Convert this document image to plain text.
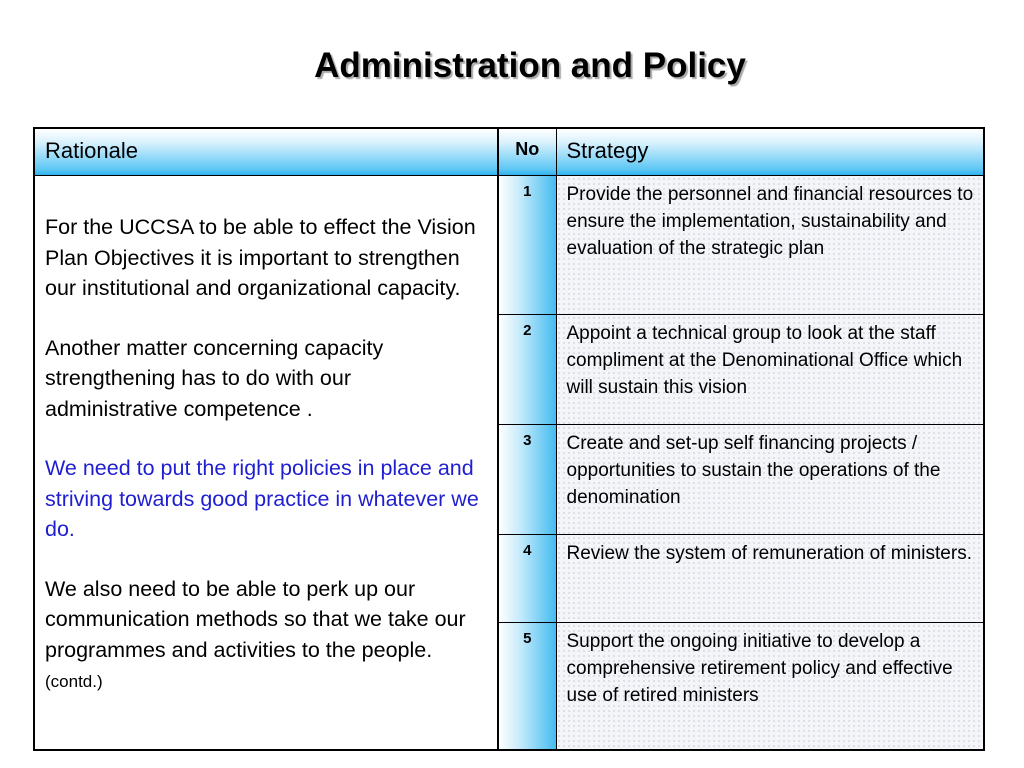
Administration and Policy
Rationale	No	Strategy

For the UCCSA to be able to effect the Vision Plan Objectives it is important to strengthen our institutional and organizational capacity.

Another matter concerning capacity strengthening has to do with our administrative competence .

We need to put the right policies in place and striving towards good practice in whatever we do.

We also need to be able to perk up our communication methods so that we take our programmes and activities to the people. (contd.)	1	Provide the personnel and financial resources to ensure the implementation, sustainability and evaluation of the strategic plan

	2	Appoint a technical group to look at the staff compliment at the Denominational Office which will sustain this vision

	3	Create and set-up self financing projects / opportunities to sustain the operations of the denomination

	4	Review the system of remuneration of ministers.

	5	Support the ongoing initiative to develop a comprehensive retirement policy and effective use of retired ministers
